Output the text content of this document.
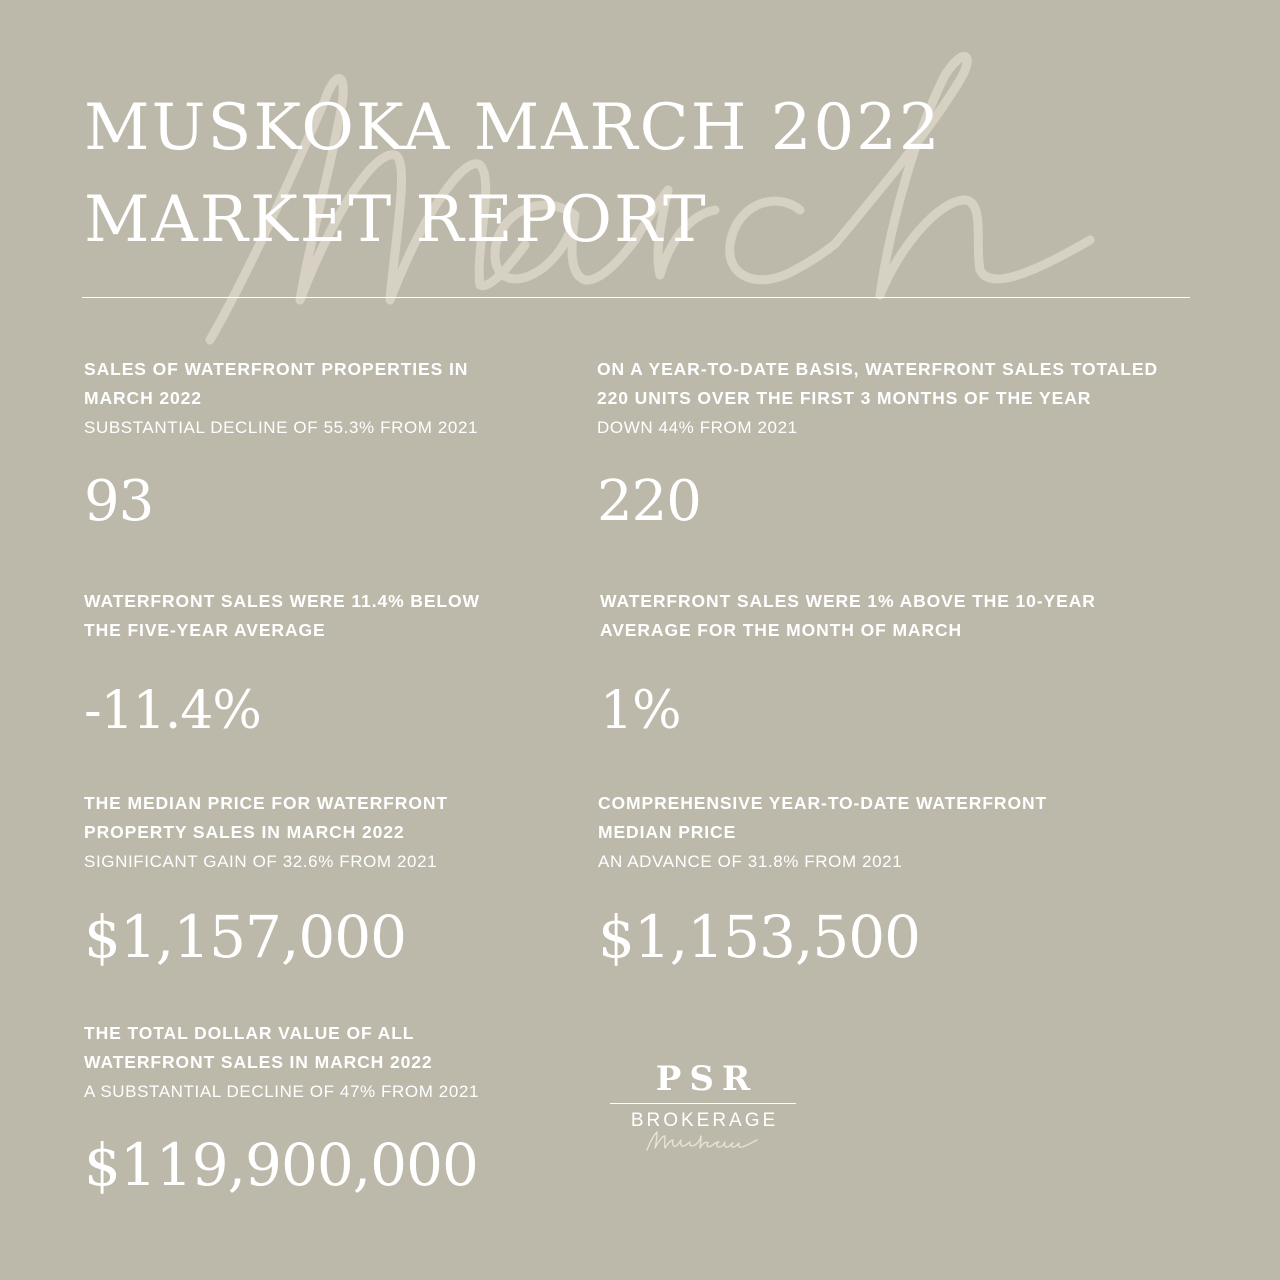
MUSKOKA MARCH 2022
MARKET REPORT

SALES OF WATERFRONT PROPERTIES IN
MARCH 2022

SUBSTANTIAL DECLINE OF 55.3% FROM 2021

93

ON A YEAR-TO-DATE BASIS, WATERFRONT SALES TOTALED
220 UNITS OVER THE FIRST 3 MONTHS OF THE YEAR

DOWN 44% FROM 2021

220

WATERFRONT SALES WERE 11.4% BELOW
THE FIVE-YEAR AVERAGE

-11.4%

WATERFRONT SALES WERE 1% ABOVE THE 10-YEAR
AVERAGE FOR THE MONTH OF MARCH

1%

THE MEDIAN PRICE FOR WATERFRONT
PROPERTY SALES IN MARCH 2022

SIGNIFICANT GAIN OF 32.6% FROM 2021

$1,157,000

COMPREHENSIVE YEAR-TO-DATE WATERFRONT
MEDIAN PRICE

AN ADVANCE OF 31.8% FROM 2021

$1,153,500

THE TOTAL DOLLAR VALUE OF ALL
WATERFRONT SALES IN MARCH 2022

A SUBSTANTIAL DECLINE OF 47% FROM 2021

$119,900,000

PSR
BROKERAGE
